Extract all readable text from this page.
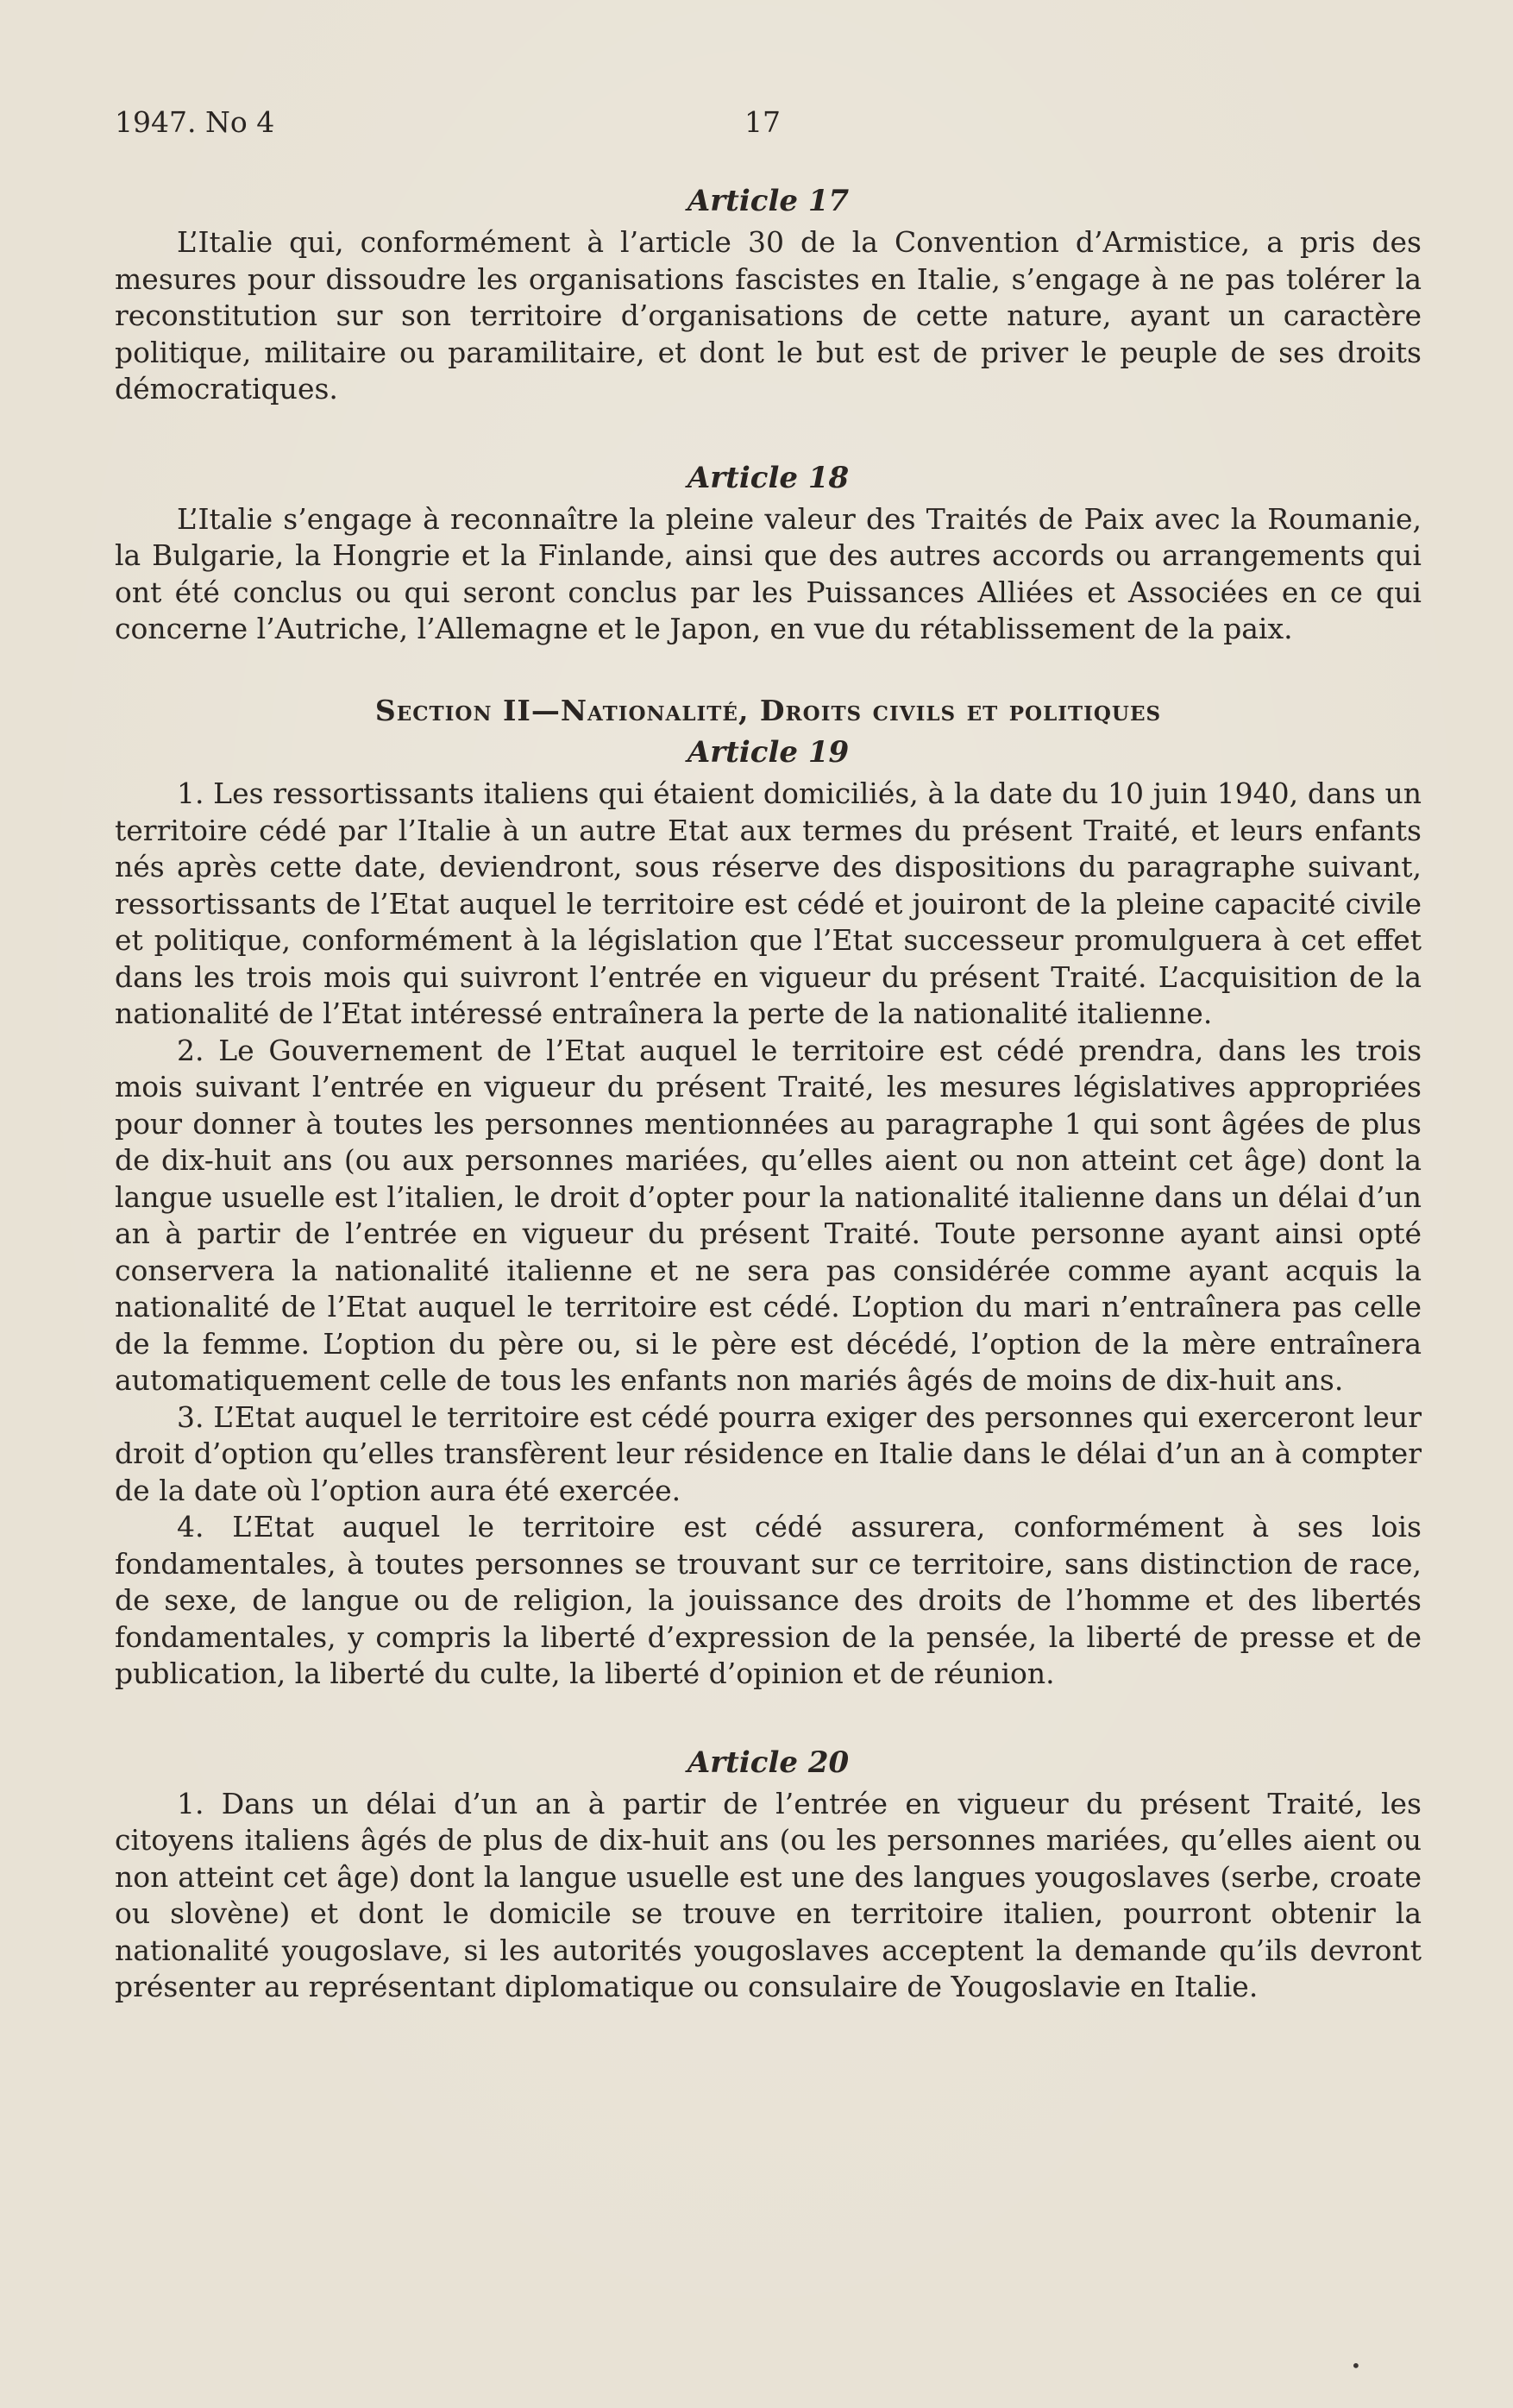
1947. No 4	17
Article 17

L’Italie qui, conformément à l’article 30 de la Convention d’Armistice, a pris des mesures pour dissoudre les organisations fascistes en Italie, s’engage à ne pas tolérer la reconstitution sur son territoire d’organisations de cette nature, ayant un caractère politique, militaire ou paramilitaire, et dont le but est de priver le peuple de ses droits démocratiques.

Article 18

L’Italie s’engage à reconnaître la pleine valeur des Traités de Paix avec la Roumanie, la Bulgarie, la Hongrie et la Finlande, ainsi que des autres accords ou arrangements qui ont été conclus ou qui seront conclus par les Puissances Alliées et Associées en ce qui concerne l’Autriche, l’Allemagne et le Japon, en vue du rétablissement de la paix.

Section II—Nationalité, Droits civils et politiques
Article 19

1. Les ressortissants italiens qui étaient domiciliés, à la date du 10 juin 1940, dans un territoire cédé par l’Italie à un autre Etat aux termes du présent Traité, et leurs enfants nés après cette date, deviendront, sous réserve des dispositions du paragraphe suivant, ressortissants de l’Etat auquel le territoire est cédé et jouiront de la pleine capacité civile et politique, conformément à la législation que l’Etat successeur promulguera à cet effet dans les trois mois qui suivront l’entrée en vigueur du présent Traité. L’acquisition de la nationalité de l’Etat intéressé entraînera la perte de la nationalité italienne.

2. Le Gouvernement de l’Etat auquel le territoire est cédé prendra, dans les trois mois suivant l’entrée en vigueur du présent Traité, les mesures législatives appropriées pour donner à toutes les personnes mentionnées au paragraphe 1 qui sont âgées de plus de dix-huit ans (ou aux personnes mariées, qu’elles aient ou non atteint cet âge) dont la langue usuelle est l’italien, le droit d’opter pour la nationalité italienne dans un délai d’un an à partir de l’entrée en vigueur du présent Traité. Toute personne ayant ainsi opté conservera la nationalité italienne et ne sera pas considérée comme ayant acquis la nationalité de l’Etat auquel le territoire est cédé. L’option du mari n’entraînera pas celle de la femme. L’option du père ou, si le père est décédé, l’option de la mère entraînera automatiquement celle de tous les enfants non mariés âgés de moins de dix-huit ans.

3. L’Etat auquel le territoire est cédé pourra exiger des personnes qui exerceront leur droit d’option qu’elles transfèrent leur résidence en Italie dans le délai d’un an à compter de la date où l’option aura été exercée.

4. L’Etat auquel le territoire est cédé assurera, conformément à ses lois fondamentales, à toutes personnes se trouvant sur ce territoire, sans distinction de race, de sexe, de langue ou de religion, la jouissance des droits de l’homme et des libertés fondamentales, y compris la liberté d’expression de la pensée, la liberté de presse et de publication, la liberté du culte, la liberté d’opinion et de réunion.

Article 20

1. Dans un délai d’un an à partir de l’entrée en vigueur du présent Traité, les citoyens italiens âgés de plus de dix-huit ans (ou les personnes mariées, qu’elles aient ou non atteint cet âge) dont la langue usuelle est une des langues yougoslaves (serbe, croate ou slovène) et dont le domicile se trouve en territoire italien, pourront obtenir la nationalité yougoslave, si les autorités yougoslaves acceptent la demande qu’ils devront présenter au représentant diplomatique ou consulaire de Yougoslavie en Italie.

•
